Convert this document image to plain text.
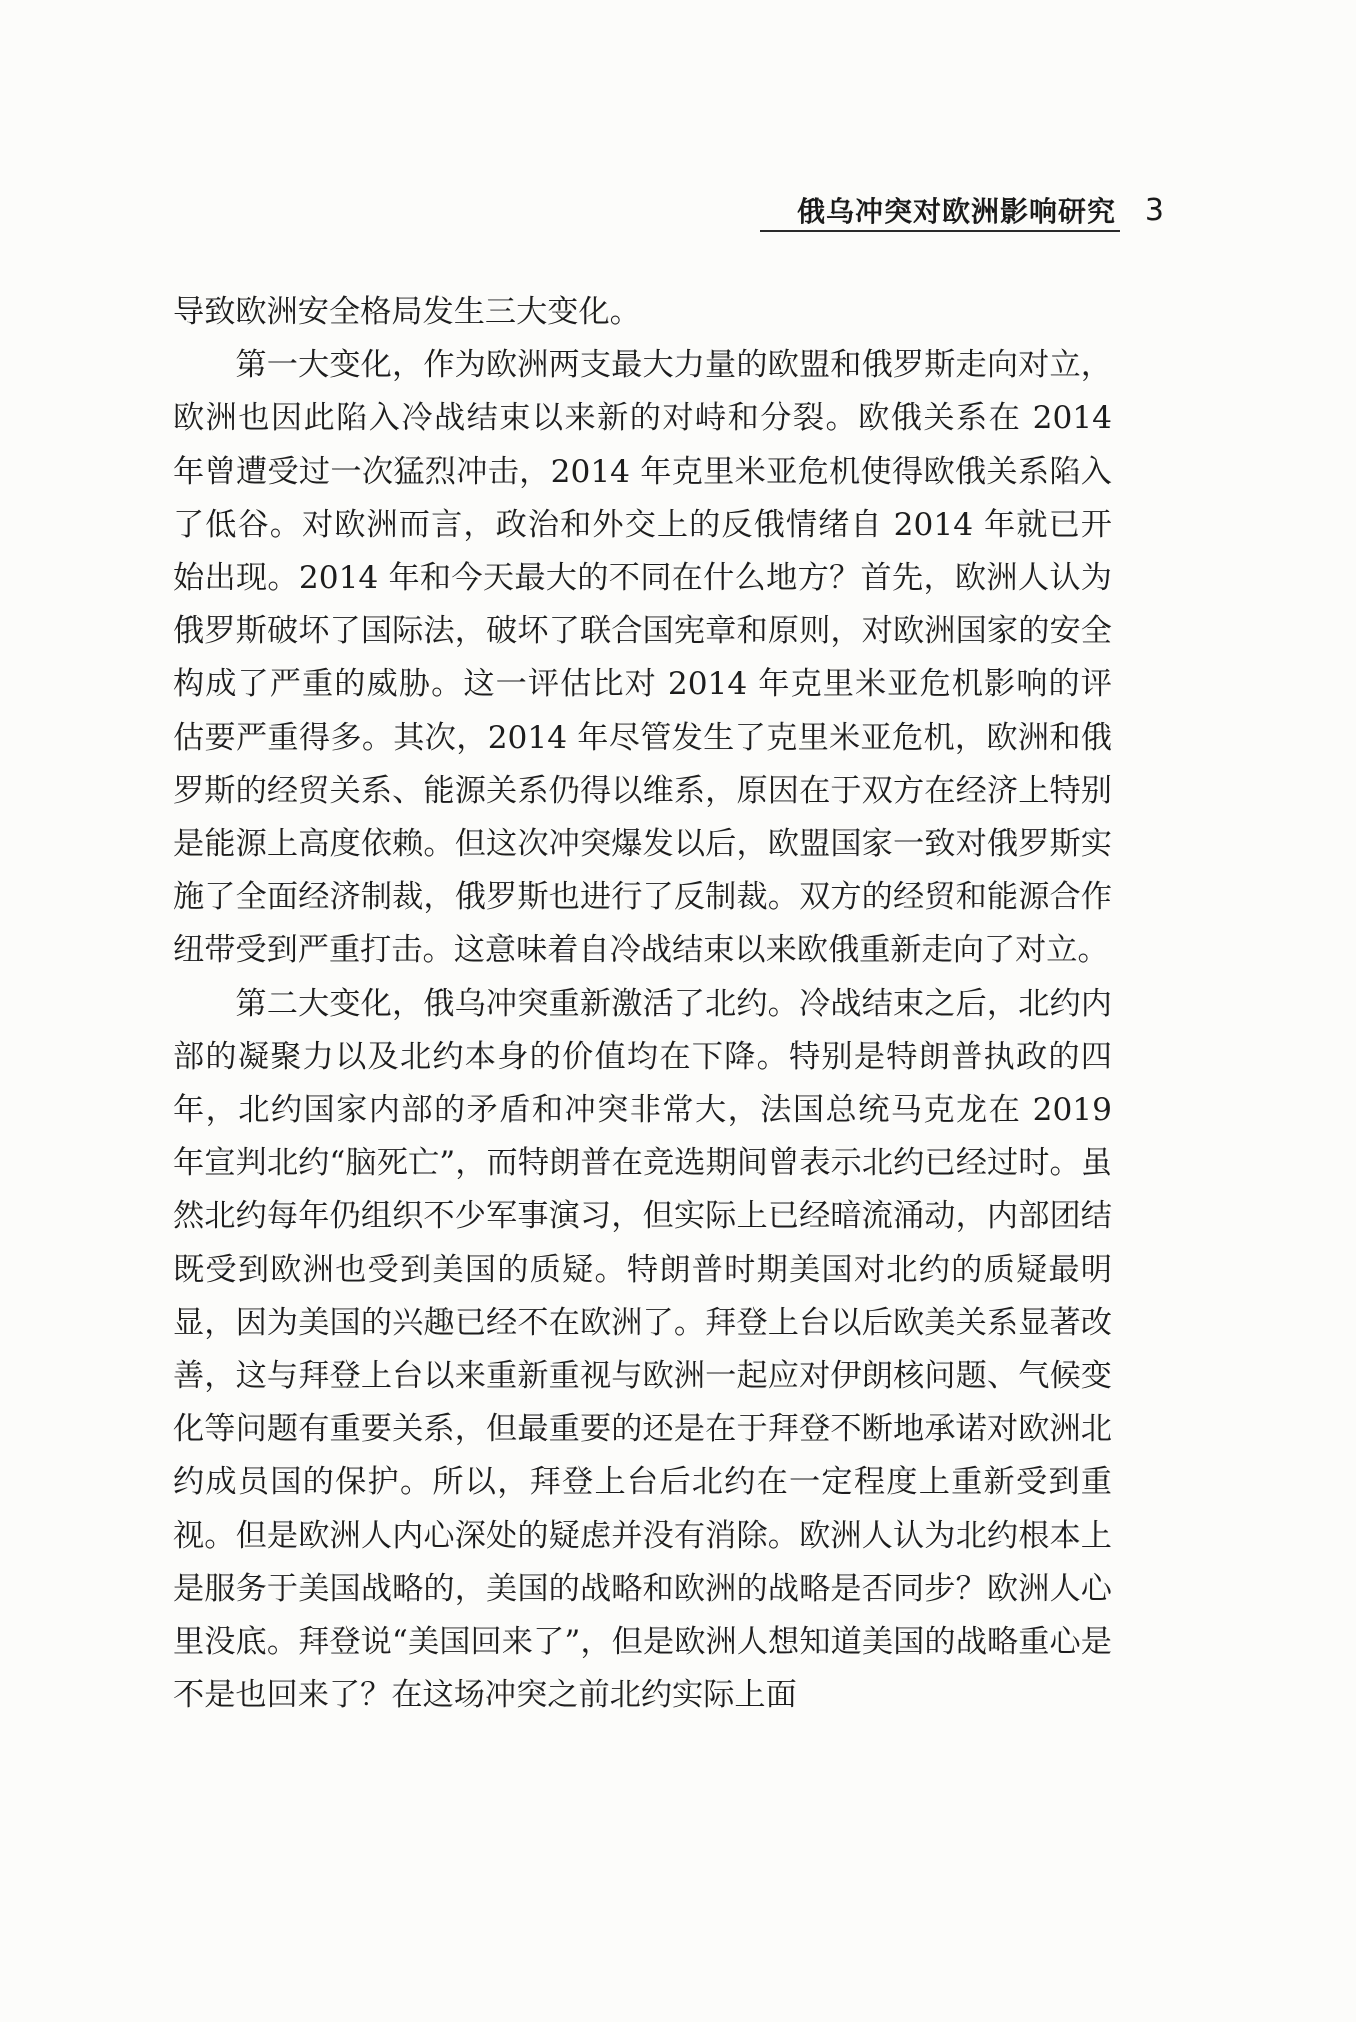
俄乌冲突对欧洲影响研究 3

导致欧洲安全格局发生三大变化。

第一大变化，作为欧洲两支最大力量的欧盟和俄罗斯走向对立，欧洲也因此陷入冷战结束以来新的对峙和分裂。欧俄关系在 2014 年曾遭受过一次猛烈冲击，2014 年克里米亚危机使得欧俄关系陷入了低谷。对欧洲而言，政治和外交上的反俄情绪自 2014 年就已开始出现。2014 年和今天最大的不同在什么地方？首先，欧洲人认为俄罗斯破坏了国际法，破坏了联合国宪章和原则，对欧洲国家的安全构成了严重的威胁。这一评估比对 2014 年克里米亚危机影响的评估要严重得多。其次，2014 年尽管发生了克里米亚危机，欧洲和俄罗斯的经贸关系、能源关系仍得以维系，原因在于双方在经济上特别是能源上高度依赖。但这次冲突爆发以后，欧盟国家一致对俄罗斯实施了全面经济制裁，俄罗斯也进行了反制裁。双方的经贸和能源合作纽带受到严重打击。这意味着自冷战结束以来欧俄重新走向了对立。

第二大变化，俄乌冲突重新激活了北约。冷战结束之后，北约内部的凝聚力以及北约本身的价值均在下降。特别是特朗普执政的四年，北约国家内部的矛盾和冲突非常大，法国总统马克龙在 2019 年宣判北约“脑死亡”，而特朗普在竞选期间曾表示北约已经过时。虽然北约每年仍组织不少军事演习，但实际上已经暗流涌动，内部团结既受到欧洲也受到美国的质疑。特朗普时期美国对北约的质疑最明显，因为美国的兴趣已经不在欧洲了。拜登上台以后欧美关系显著改善，这与拜登上台以来重新重视与欧洲一起应对伊朗核问题、气候变化等问题有重要关系，但最重要的还是在于拜登不断地承诺对欧洲北约成员国的保护。所以，拜登上台后北约在一定程度上重新受到重视。但是欧洲人内心深处的疑虑并没有消除。欧洲人认为北约根本上是服务于美国战略的，美国的战略和欧洲的战略是否同步？欧洲人心里没底。拜登说“美国回来了”，但是欧洲人想知道美国的战略重心是不是也回来了？在这场冲突之前北约实际上面
